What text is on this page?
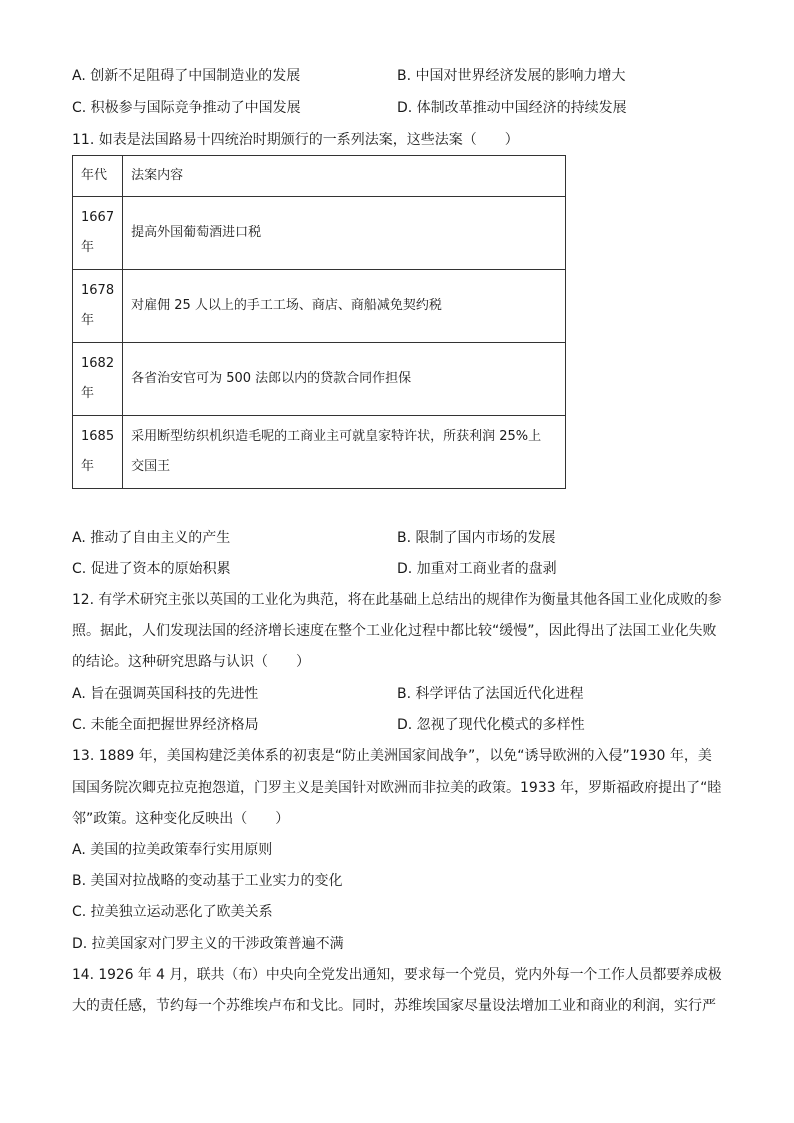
A. 创新不足阻碍了中国制造业的发展	B. 中国对世界经济发展的影响力增大
C. 积极参与国际竞争推动了中国发展	D. 体制改革推动中国经济的持续发展
11. 如表是法国路易十四统治时期颁行的一系列法案，这些法案（　　）
年代	法案内容
1667
年	提高外国葡萄酒进口税
1678
年	对雇佣 25 人以上的手工工场、商店、商船减免契约税
1682
年	各省治安官可为 500 法郎以内的贷款合同作担保
1685
年	采用断型纺织机织造毛呢的工商业主可就皇家特许状，所获利润 25%上
交国王
A. 推动了自由主义的产生	B. 限制了国内市场的发展
C. 促进了资本的原始积累	D. 加重对工商业者的盘剥
12. 有学术研究主张以英国的工业化为典范，将在此基础上总结出的规律作为衡量其他各国工业化成败的参
照。据此，人们发现法国的经济增长速度在整个工业化过程中都比较“缓慢”，因此得出了法国工业化失败
的结论。这种研究思路与认识（　　）
A. 旨在强调英国科技的先进性	B. 科学评估了法国近代化进程
C. 未能全面把握世界经济格局	D. 忽视了现代化模式的多样性
13. 1889 年，美国构建泛美体系的初衷是“防止美洲国家间战争”，以免“诱导欧洲的入侵”1930 年，美
国国务院次卿克拉克抱怨道，门罗主义是美国针对欧洲而非拉美的政策。1933 年，罗斯福政府提出了“睦
邻”政策。这种变化反映出（　　）
A. 美国的拉美政策奉行实用原则
B. 美国对拉战略的变动基于工业实力的变化
C. 拉美独立运动恶化了欧美关系
D. 拉美国家对门罗主义的干涉政策普遍不满
14. 1926 年 4 月，联共（布）中央向全党发出通知，要求每一个党员，党内外每一个工作人员都要养成极
大的责任感，节约每一个苏维埃卢布和戈比。同时，苏维埃国家尽量设法增加工业和商业的利润，实行严
